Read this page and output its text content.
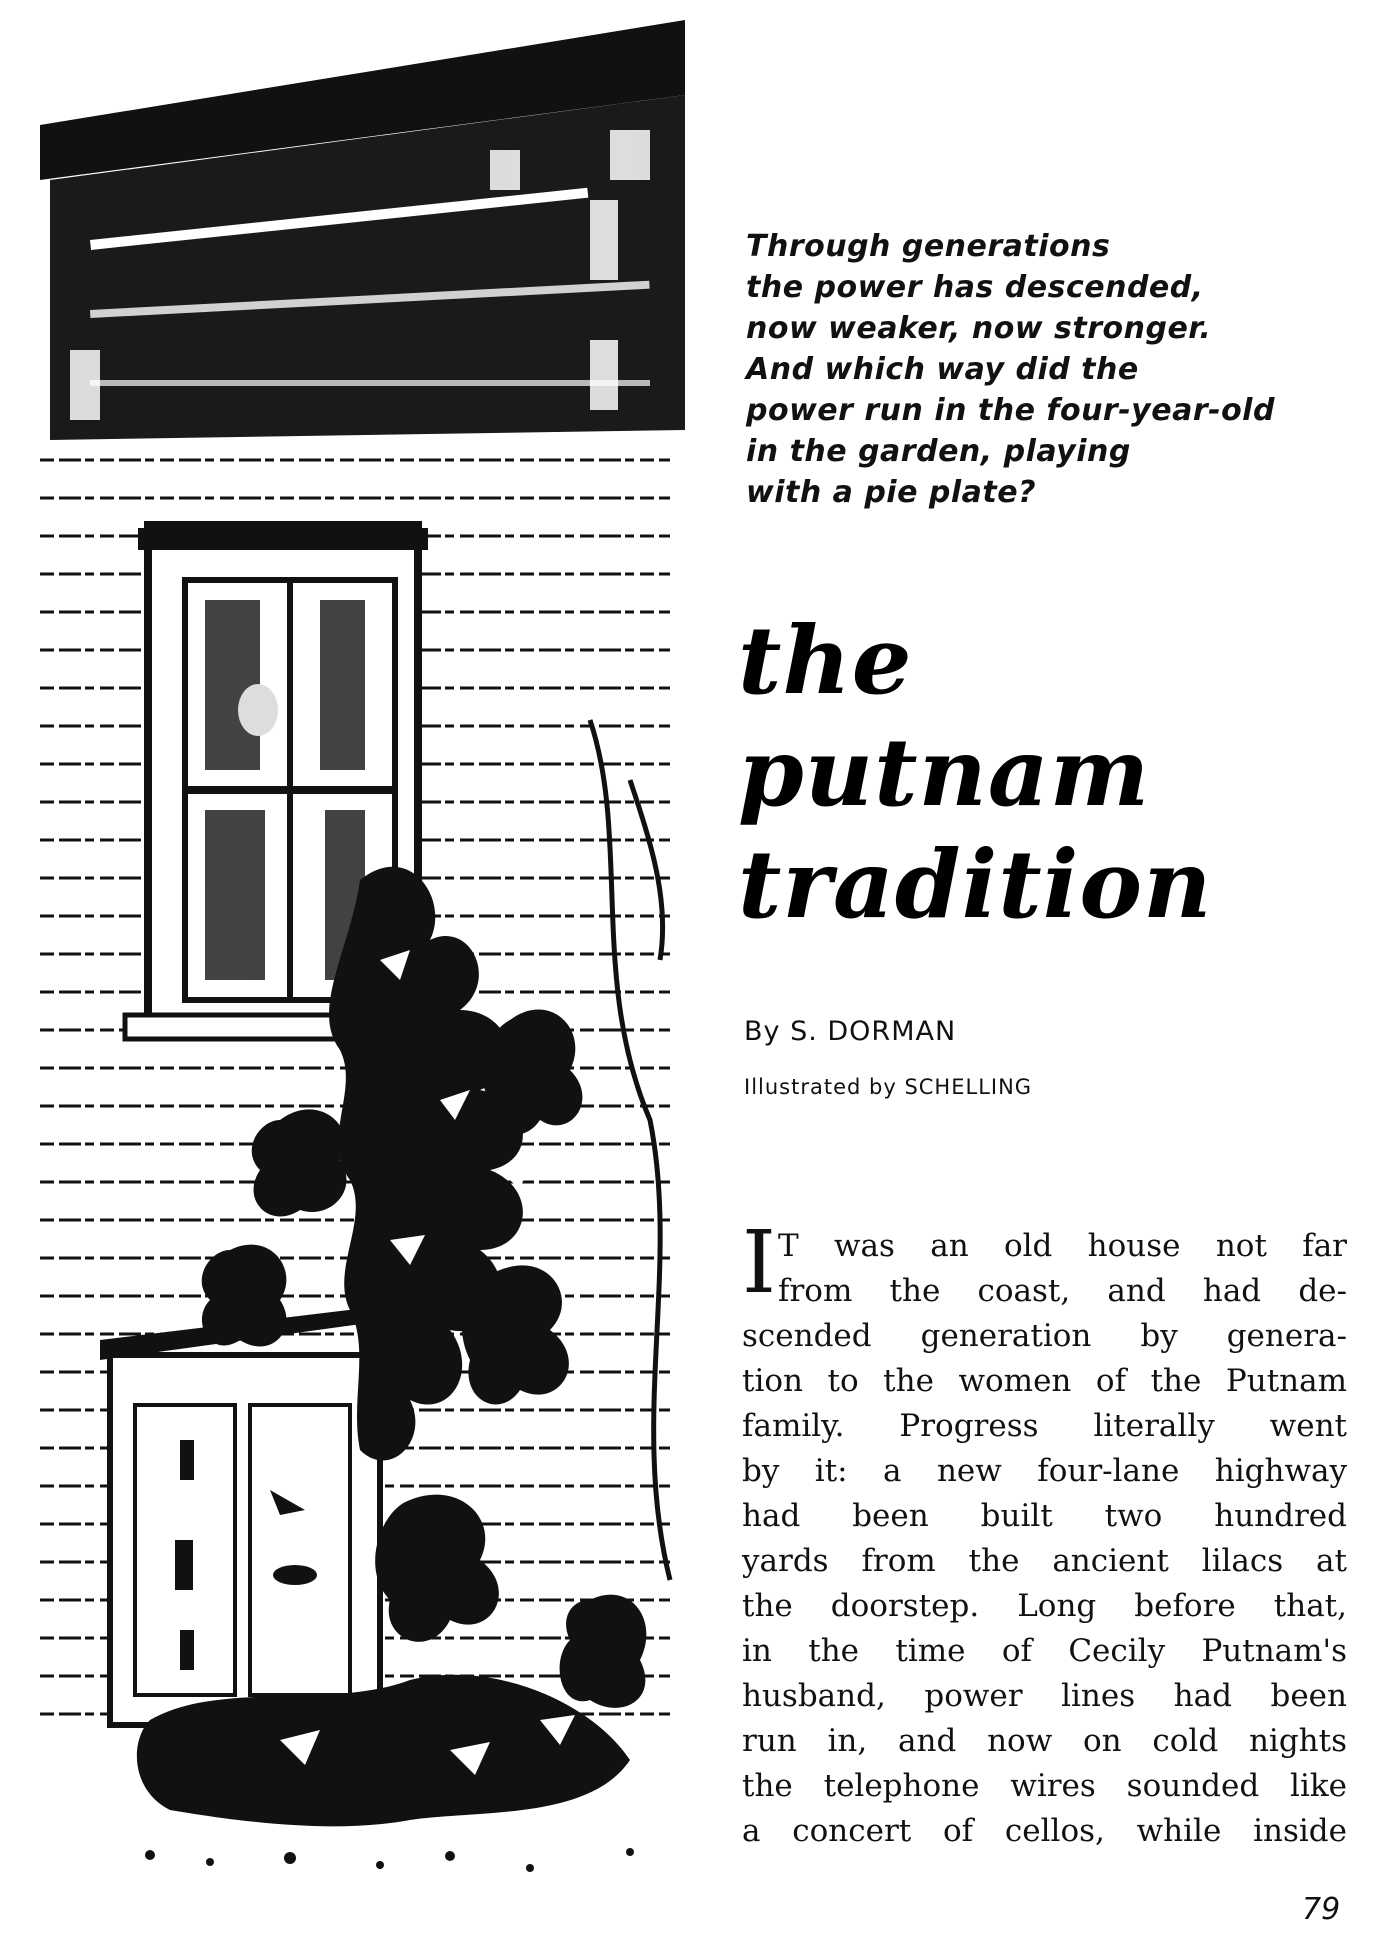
Through generations
the power has descended,
now weaker, now stronger.
And which way did the
power run in the four-year-old
in the garden, playing
with a pie plate?
the
putnam
tradition
By S. DORMAN
Illustrated by SCHELLING
I T was an old house not far
from the coast, and had de-
scended generation by genera-
tion to the women of the Putnam
family. Progress literally went
by it: a new four-lane highway
had been built two hundred
yards from the ancient lilacs at
the doorstep. Long before that,
in the time of Cecily Putnam's
husband, power lines had been
run in, and now on cold nights
the telephone wires sounded like
a concert of cellos, while inside
79
